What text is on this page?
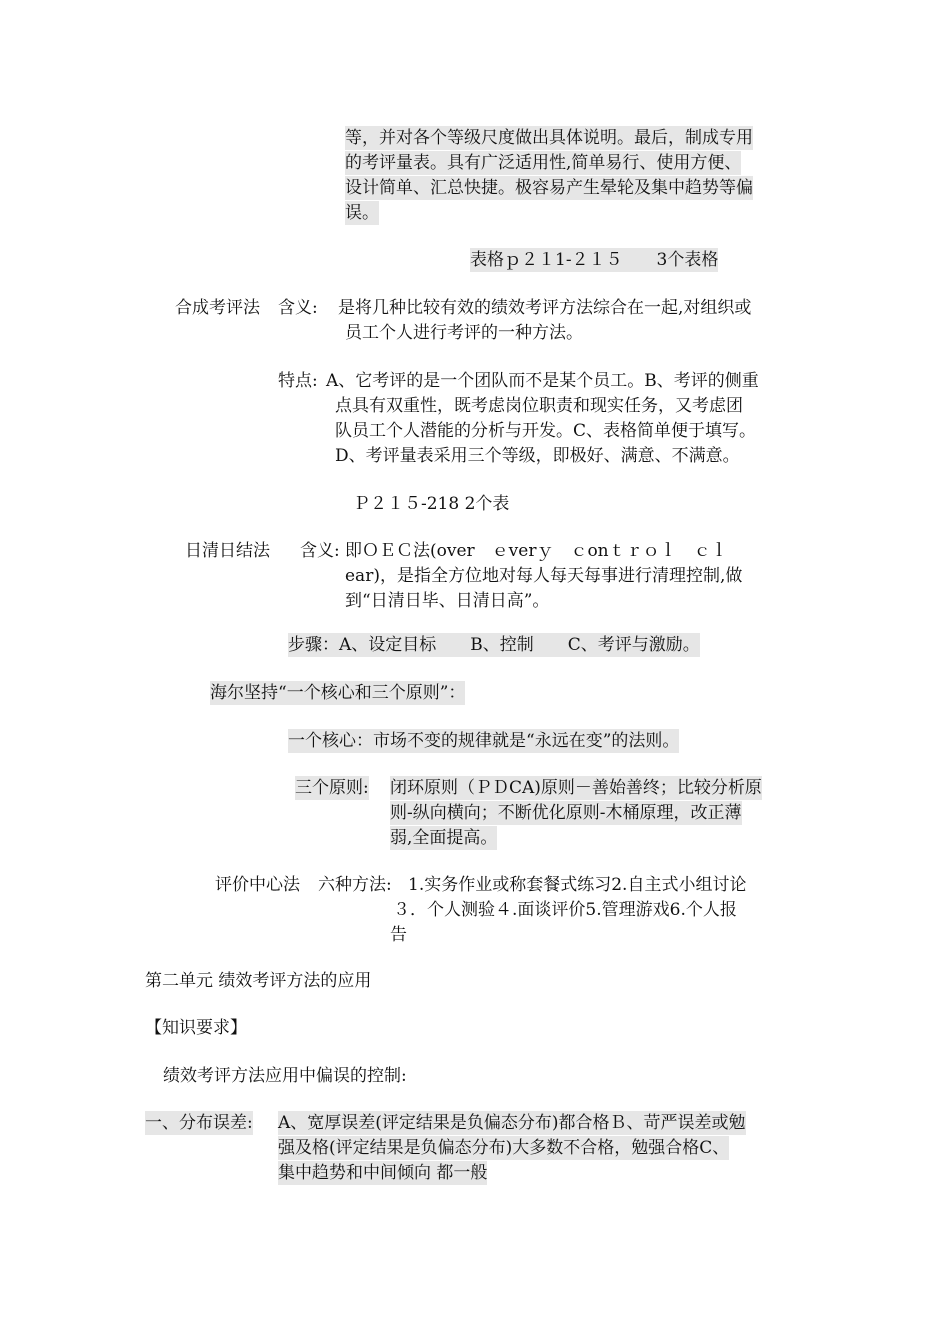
等，并对各个等级尺度做出具体说明。最后，制成专用
的考评量表。具有广泛适用性,简单易行、使用方便、
设计简单、汇总快捷。极容易产生晕轮及集中趋势等偏
误。
表格ｐ２１1-２１５　　3个表格
合成考评法 含义: 是将几种比较有效的绩效考评方法综合在一起,对组织或
员工个人进行考评的一种方法。
特点: A、它考评的是一个团队而不是某个员工。B、考评的侧重
点具有双重性，既考虑岗位职责和现实任务，又考虑团
队员工个人潜能的分析与开发。C、表格简单便于填写。
D、考评量表采用三个等级，即极好、满意、不满意。
Ｐ２１５-218 2个表
日清日结法 含义: 即ＯＥＣ法(over　ｅverｙ　ｃonｔｒｏｌ　ｃｌ
ear)，是指全方位地对每人每天每事进行清理控制,做
到“日清日毕、日清日高”。
步骤：A、设定目标　　B、控制　　C、考评与激励。
海尔坚持“一个核心和三个原则”：
一个核心：市场不变的规律就是“永远在变”的法则。
三个原则: 闭环原则（ＰＤCA)原则－善始善终；比较分析原
则-纵向横向；不断优化原则-木桶原理，改正薄
弱,全面提高。
评价中心法 六种方法: 1.实务作业或称套餐式练习2.自主式小组讨论
３．个人测验４.面谈评价5.管理游戏6.个人报
告
第二单元 绩效考评方法的应用
【知识要求】
绩效考评方法应用中偏误的控制:
一、分布误差: A、宽厚误差(评定结果是负偏态分布)都合格Ｂ、苛严误差或勉
强及格(评定结果是负偏态分布)大多数不合格，勉强合格C、
集中趋势和中间倾向 都一般
